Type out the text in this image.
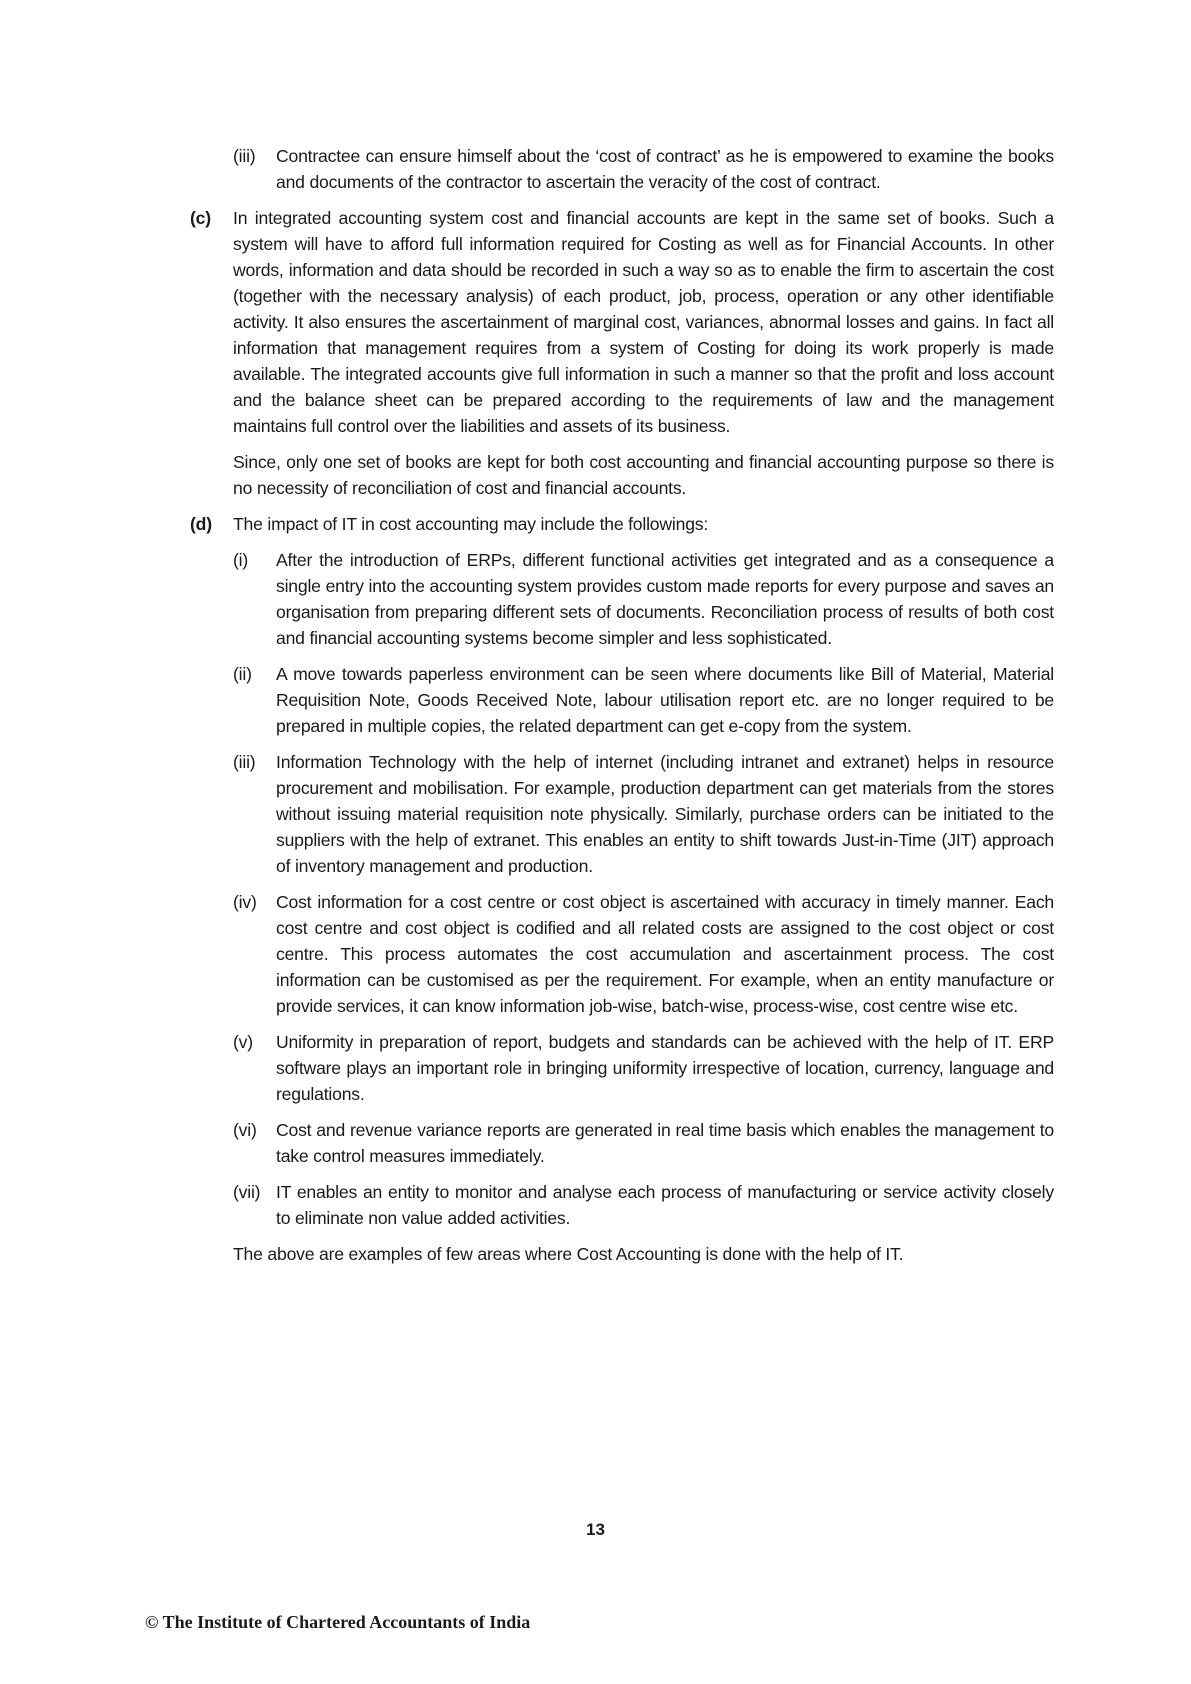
(iii)	Contractee can ensure himself about the ‘cost of contract’ as he is empowered to examine the books and documents of the contractor to ascertain the veracity of the cost of contract.
(c)	In integrated accounting system cost and financial accounts are kept in the same set of books. Such a system will have to afford full information required for Costing as well as for Financial Accounts. In other words, information and data should be recorded in such a way so as to enable the firm to ascertain the cost (together with the necessary analysis) of each product, job, process, operation or any other identifiable activity. It also ensures the ascertainment of marginal cost, variances, abnormal losses and gains. In fact all information that management requires from a system of Costing for doing its work properly is made available. The integrated accounts give full information in such a manner so that the profit and loss account and the balance sheet can be prepared according to the requirements of law and the management maintains full control over the liabilities and assets of its business.
Since, only one set of books are kept for both cost accounting and financial accounting purpose so there is no necessity of reconciliation of cost and financial accounts.
(d)	The impact of IT in cost accounting may include the followings:
(i)	After the introduction of ERPs, different functional activities get integrated and as a consequence a single entry into the accounting system provides custom made reports for every purpose and saves an organisation from preparing different sets of documents. Reconciliation process of results of both cost and financial accounting systems become simpler and less sophisticated.
(ii)	A move towards paperless environment can be seen where documents like Bill of Material, Material Requisition Note, Goods Received Note, labour utilisation report etc. are no longer required to be prepared in multiple copies, the related department can get e-copy from the system.
(iii)	Information Technology with the help of internet (including intranet and extranet) helps in resource procurement and mobilisation. For example, production department can get materials from the stores without issuing material requisition note physically. Similarly, purchase orders can be initiated to the suppliers with the help of extranet. This enables an entity to shift towards Just-in-Time (JIT) approach of inventory management and production.
(iv)	Cost information for a cost centre or cost object is ascertained with accuracy in timely manner. Each cost centre and cost object is codified and all related costs are assigned to the cost object or cost centre. This process automates the cost accumulation and ascertainment process. The cost information can be customised as per the requirement. For example, when an entity manufacture or provide services, it can know information job-wise, batch-wise, process-wise, cost centre wise etc.
(v)	Uniformity in preparation of report, budgets and standards can be achieved with the help of IT. ERP software plays an important role in bringing uniformity irrespective of location, currency, language and regulations.
(vi)	Cost and revenue variance reports are generated in real time basis which enables the management to take control measures immediately.
(vii) IT enables an entity to monitor and analyse each process of manufacturing or service activity closely to eliminate non value added activities.
The above are examples of few areas where Cost Accounting is done with the help of IT.
13
© The Institute of Chartered Accountants of India
